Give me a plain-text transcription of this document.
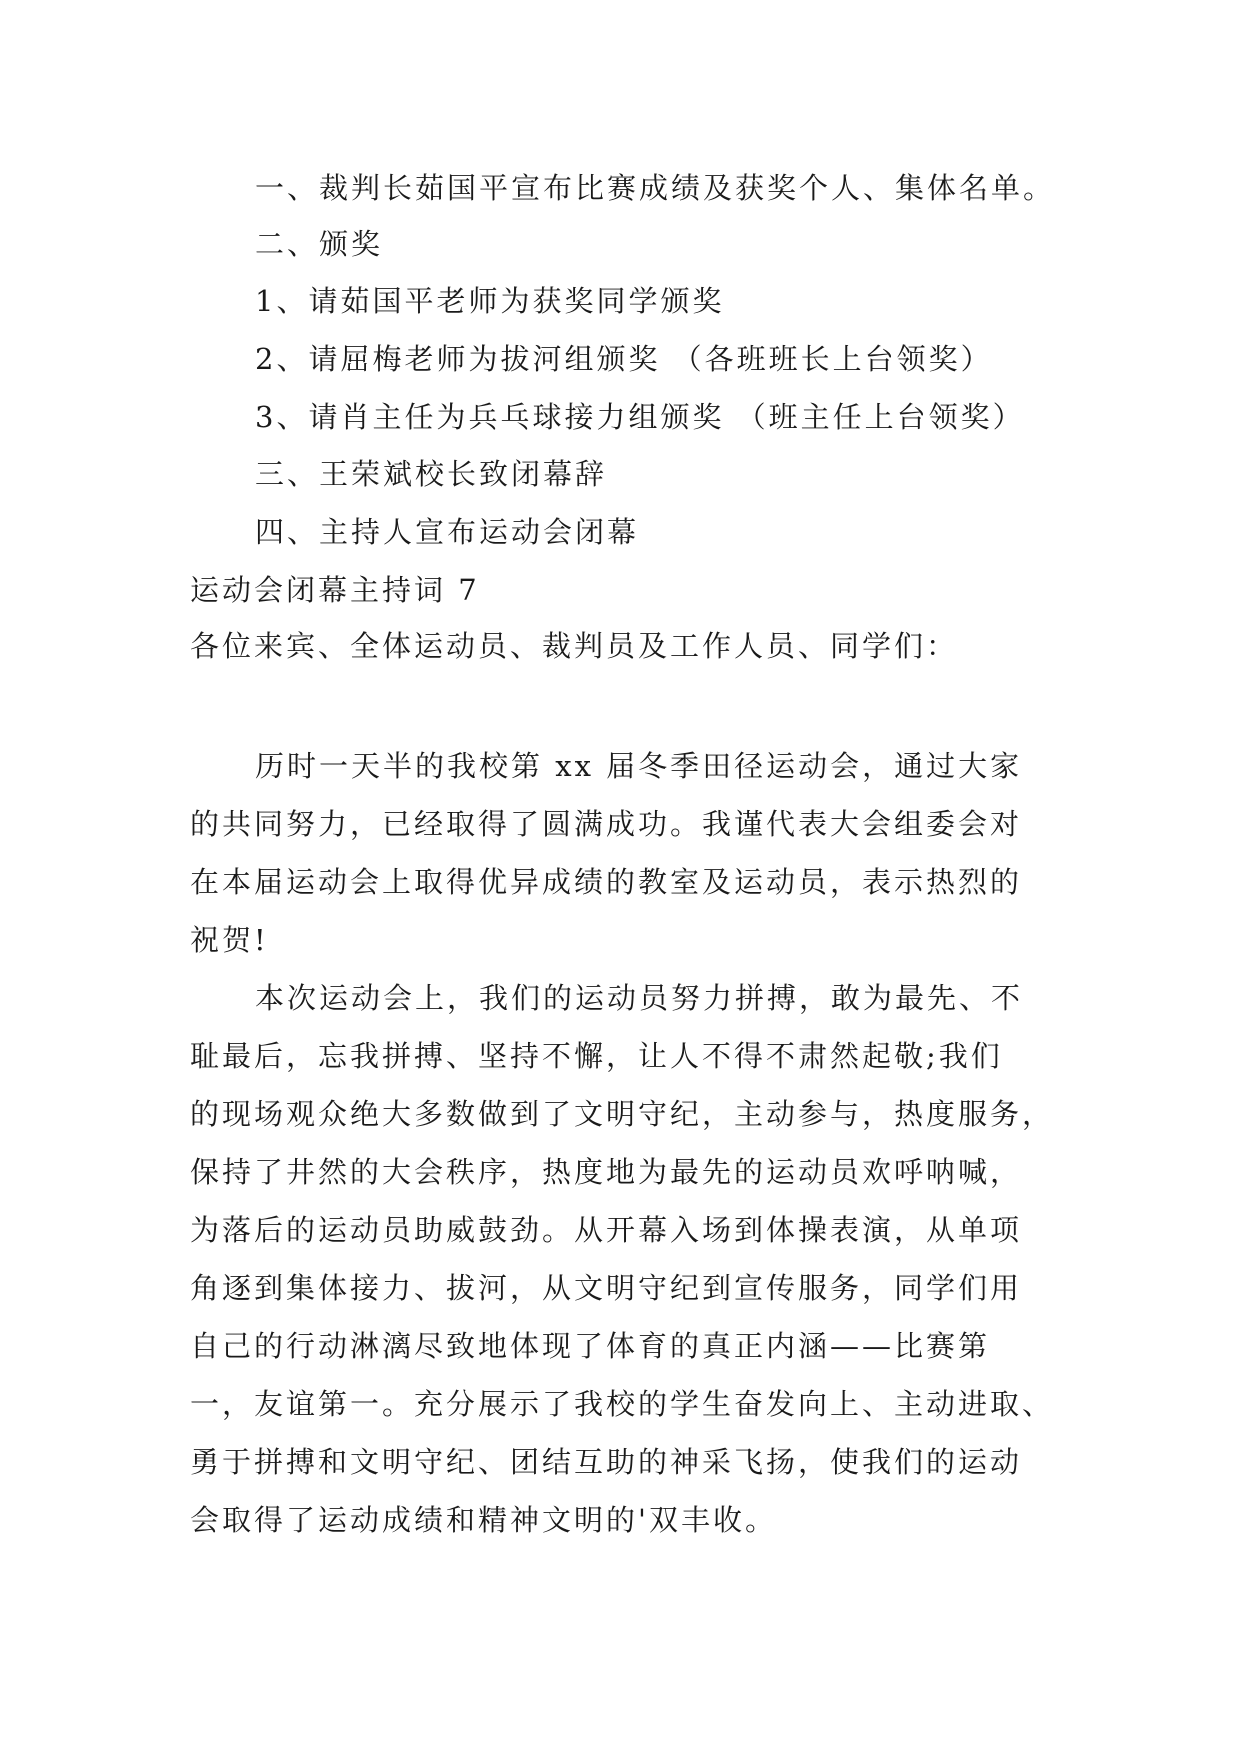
一、裁判长茹国平宣布比赛成绩及获奖个人、集体名单。
二、颁奖
1、请茹国平老师为获奖同学颁奖
2、请屈梅老师为拔河组颁奖 （各班班长上台领奖）
3、请肖主任为兵乓球接力组颁奖 （班主任上台领奖）
三、王荣斌校长致闭幕辞
四、主持人宣布运动会闭幕
运动会闭幕主持词 7
各位来宾、全体运动员、裁判员及工作人员、同学们：
历时一天半的我校第 xx 届冬季田径运动会，通过大家
的共同努力，已经取得了圆满成功。我谨代表大会组委会对
在本届运动会上取得优异成绩的教室及运动员，表示热烈的
祝贺!
本次运动会上，我们的运动员努力拼搏，敢为最先、不
耻最后，忘我拼搏、坚持不懈，让人不得不肃然起敬;我们
的现场观众绝大多数做到了文明守纪，主动参与，热度服务，
保持了井然的大会秩序，热度地为最先的运动员欢呼呐喊，
为落后的运动员助威鼓劲。从开幕入场到体操表演，从单项
角逐到集体接力、拔河，从文明守纪到宣传服务，同学们用
自己的行动淋漓尽致地体现了体育的真正内涵——比赛第
一，友谊第一。充分展示了我校的学生奋发向上、主动进取、
勇于拼搏和文明守纪、团结互助的神采飞扬，使我们的运动
会取得了运动成绩和精神文明的'双丰收。
